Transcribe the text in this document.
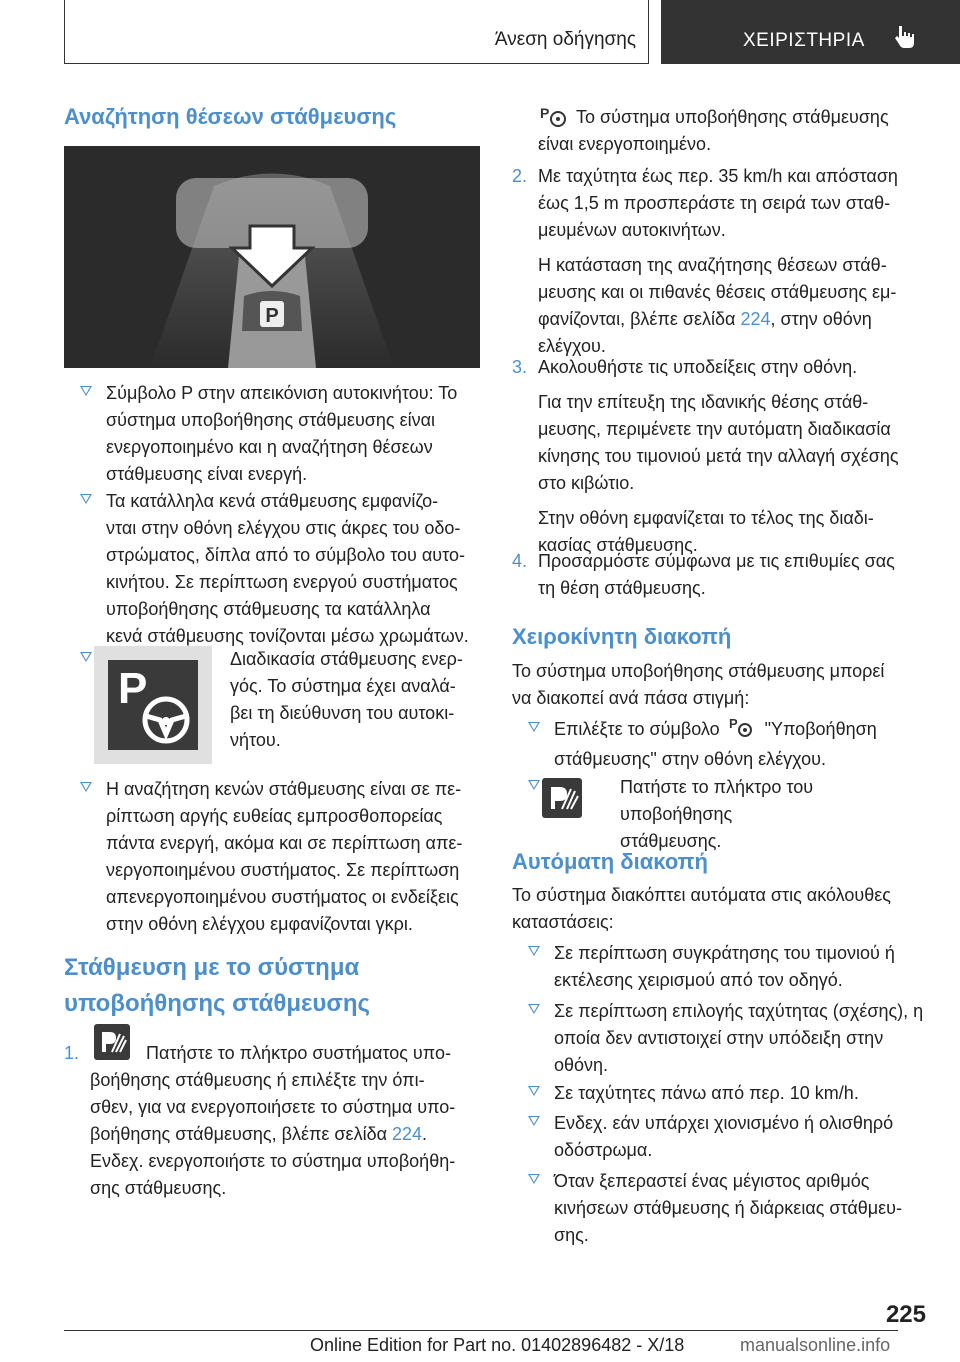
Άνεση οδήγησης	ΧΕΙΡΙΣΤΗΡΙΑ
Αναζήτηση θέσεων στάθμευσης
P
Σύμβολο P στην απεικόνιση αυτοκινήτου: Το
σύστημα υποβοήθησης στάθμευσης είναι
ενεργοποιημένο και η αναζήτηση θέσεων
στάθμευσης είναι ενεργή.
Τα κατάλληλα κενά στάθμευσης εμφανίζο-
νται στην οθόνη ελέγχου στις άκρες του οδο-
στρώματος, δίπλα από το σύμβολο του αυτο-
κινήτου. Σε περίπτωση ενεργού συστήματος
υποβοήθησης στάθμευσης τα κατάλληλα
κενά στάθμευσης τονίζονται μέσω χρωμάτων.
P
Διαδικασία στάθμευσης ενερ-
γός. Το σύστημα έχει αναλά-
βει τη διεύθυνση του αυτοκι-
νήτου.
Η αναζήτηση κενών στάθμευσης είναι σε πε-
ρίπτωση αργής ευθείας εμπροσθοπορείας
πάντα ενεργή, ακόμα και σε περίπτωση απε-
νεργοποιημένου συστήματος. Σε περίπτωση
απενεργοποιημένου συστήματος οι ενδείξεις
στην οθόνη ελέγχου εμφανίζονται γκρι.
Στάθμευση με το σύστημα
υποβοήθησης στάθμευσης
1.	Πατήστε το πλήκτρο συστήματος υπο-
βοήθησης στάθμευσης ή επιλέξτε την όπι-
σθεν, για να ενεργοποιήσετε το σύστημα υπο-
βοήθησης στάθμευσης, βλέπε σελίδα 224.
Ενδεχ. ενεργοποιήστε το σύστημα υποβοήθη-
σης στάθμευσης.
P Το σύστημα υποβοήθησης στάθμευσης
είναι ενεργοποιημένο.
2. Με ταχύτητα έως περ. 35 km/h και απόσταση
έως 1,5 m προσπεράστε τη σειρά των σταθ-
μευμένων αυτοκινήτων.
Η κατάσταση της αναζήτησης θέσεων στάθ-
μευσης και οι πιθανές θέσεις στάθμευσης εμ-
φανίζονται, βλέπε σελίδα 224, στην οθόνη
ελέγχου.
3. Ακολουθήστε τις υποδείξεις στην οθόνη.
Για την επίτευξη της ιδανικής θέσης στάθ-
μευσης, περιμένετε την αυτόματη διαδικασία
κίνησης του τιμονιού μετά την αλλαγή σχέσης
στο κιβώτιο.
Στην οθόνη εμφανίζεται το τέλος της διαδι-
κασίας στάθμευσης.
4. Προσαρμόστε σύμφωνα με τις επιθυμίες σας
τη θέση στάθμευσης.
Χειροκίνητη διακοπή
Το σύστημα υποβοήθησης στάθμευσης μπορεί
να διακοπεί ανά πάσα στιγμή:
Επιλέξτε το σύμβολο P "Υποβοήθηση
στάθμευσης" στην οθόνη ελέγχου.
Πατήστε το πλήκτρο του υποβοήθησης
στάθμευσης.
Αυτόματη διακοπή
Το σύστημα διακόπτει αυτόματα στις ακόλουθες
καταστάσεις:
Σε περίπτωση συγκράτησης του τιμονιού ή
εκτέλεσης χειρισμού από τον οδηγό.
Σε περίπτωση επιλογής ταχύτητας (σχέσης), η
οποία δεν αντιστοιχεί στην υπόδειξη στην
οθόνη.
Σε ταχύτητες πάνω από περ. 10 km/h.
Ενδεχ. εάν υπάρχει χιονισμένο ή ολισθηρό
οδόστρωμα.
Όταν ξεπεραστεί ένας μέγιστος αριθμός
κινήσεων στάθμευσης ή διάρκειας στάθμευ-
σης.
225
Online Edition for Part no. 01402896482 - X/18	manualsonline.info
